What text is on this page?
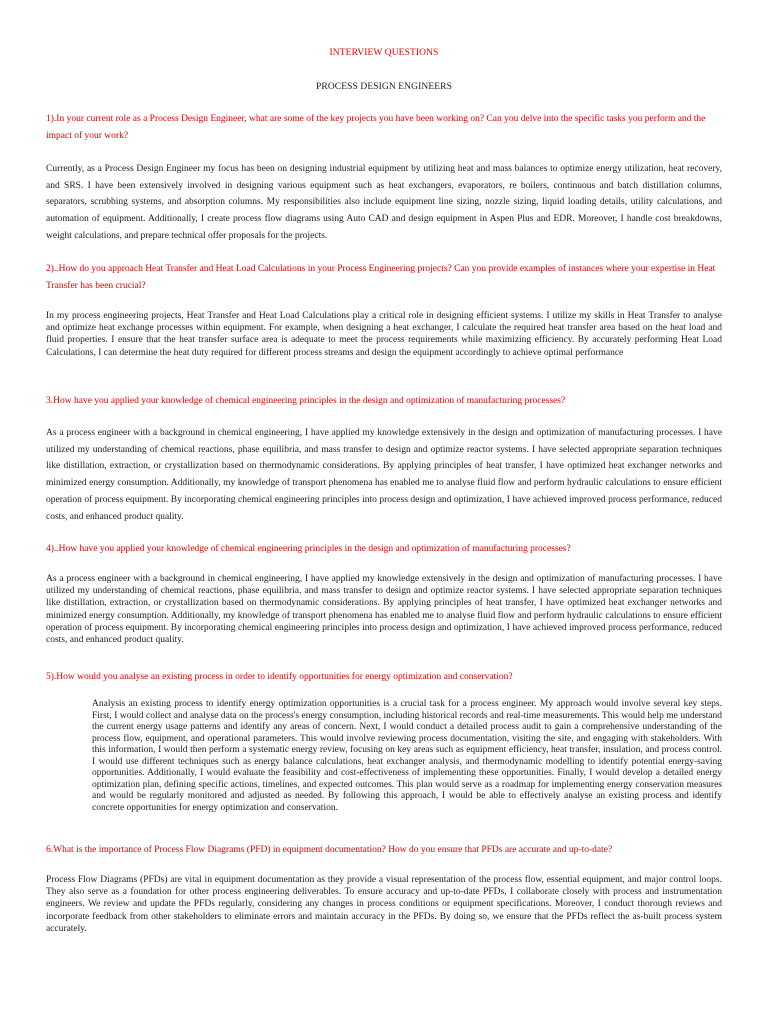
INTERVIEW QUESTIONS
PROCESS DESIGN ENGINEERS
1).In your current role as a Process Design Engineer, what are some of the key projects you have been working on? Can you delve into the specific tasks you perform and the impact of your work?
Currently, as a Process Design Engineer my focus has been on designing industrial equipment by utilizing heat and mass balances to optimize energy utilization, heat recovery, and SRS. I have been extensively involved in designing various equipment such as heat exchangers, evaporators, re boilers, continuous and batch distillation columns, separators, scrubbing systems, and absorption columns. My responsibilities also include equipment line sizing, nozzle sizing, liquid loading details, utility calculations, and automation of equipment. Additionally, I create process flow diagrams using Auto CAD and design equipment in Aspen Plus and EDR. Moreover, I handle cost breakdowns, weight calculations, and prepare technical offer proposals for the projects.
2)..How do you approach Heat Transfer and Heat Load Calculations in your Process Engineering projects? Can you provide examples of instances where your expertise in Heat Transfer has been crucial?
In my process engineering projects, Heat Transfer and Heat Load Calculations play a critical role in designing efficient systems. I utilize my skills in Heat Transfer to analyse and optimize heat exchange processes within equipment. For example, when designing a heat exchanger, I calculate the required heat transfer area based on the heat load and fluid properties. I ensure that the heat transfer surface area is adequate to meet the process requirements while maximizing efficiency. By accurately performing Heat Load Calculations, I can determine the heat duty required for different process streams and design the equipment accordingly to achieve optimal performance
3.How have you applied your knowledge of chemical engineering principles in the design and optimization of manufacturing processes?
As a process engineer with a background in chemical engineering, I have applied my knowledge extensively in the design and optimization of manufacturing processes. I have utilized my understanding of chemical reactions, phase equilibria, and mass transfer to design and optimize reactor systems. I have selected appropriate separation techniques like distillation, extraction, or crystallization based on thermodynamic considerations. By applying principles of heat transfer, I have optimized heat exchanger networks and minimized energy consumption. Additionally, my knowledge of transport phenomena has enabled me to analyse fluid flow and perform hydraulic calculations to ensure efficient operation of process equipment. By incorporating chemical engineering principles into process design and optimization, I have achieved improved process performance, reduced costs, and enhanced product quality.
4)..How have you applied your knowledge of chemical engineering principles in the design and optimization of manufacturing processes?
As a process engineer with a background in chemical engineering, I have applied my knowledge extensively in the design and optimization of manufacturing processes. I have utilized my understanding of chemical reactions, phase equilibria, and mass transfer to design and optimize reactor systems. I have selected appropriate separation techniques like distillation, extraction, or crystallization based on thermodynamic considerations. By applying principles of heat transfer, I have optimized heat exchanger networks and minimized energy consumption. Additionally, my knowledge of transport phenomena has enabled me to analyse fluid flow and perform hydraulic calculations to ensure efficient operation of process equipment. By incorporating chemical engineering principles into process design and optimization, I have achieved improved process performance, reduced costs, and enhanced product quality.
5).How would you analyse an existing process in order to identify opportunities for energy optimization and conservation?
Analysis an existing process to identify energy optimization opportunities is a crucial task for a process engineer. My approach would involve several key steps. First, I would collect and analyse data on the process's energy consumption, including historical records and real-time measurements. This would help me understand the current energy usage patterns and identify any areas of concern. Next, I would conduct a detailed process audit to gain a comprehensive understanding of the process flow, equipment, and operational parameters. This would involve reviewing process documentation, visiting the site, and engaging with stakeholders. With this information, I would then perform a systematic energy review, focusing on key areas such as equipment efficiency, heat transfer, insulation, and process control. I would use different techniques such as energy balance calculations, heat exchanger analysis, and thermodynamic modelling to identify potential energy-saving opportunities. Additionally, I would evaluate the feasibility and cost-effectiveness of implementing these opportunities. Finally, I would develop a detailed energy optimization plan, defining specific actions, timelines, and expected outcomes. This plan would serve as a roadmap for implementing energy conservation measures and would be regularly monitored and adjusted as needed. By following this approach, I would be able to effectively analyse an existing process and identify concrete opportunities for energy optimization and conservation.
6.What is the importance of Process Flow Diagrams (PFD) in equipment documentation? How do you ensure that PFDs are accurate and up-to-date?
Process Flow Diagrams (PFDs) are vital in equipment documentation as they provide a visual representation of the process flow, essential equipment, and major control loops. They also serve as a foundation for other process engineering deliverables. To ensure accuracy and up-to-date PFDs, I collaborate closely with process and instrumentation engineers. We review and update the PFDs regularly, considering any changes in process conditions or equipment specifications. Moreover, I conduct thorough reviews and incorporate feedback from other stakeholders to eliminate errors and maintain accuracy in the PFDs. By doing so, we ensure that the PFDs reflect the as-built process system accurately.
